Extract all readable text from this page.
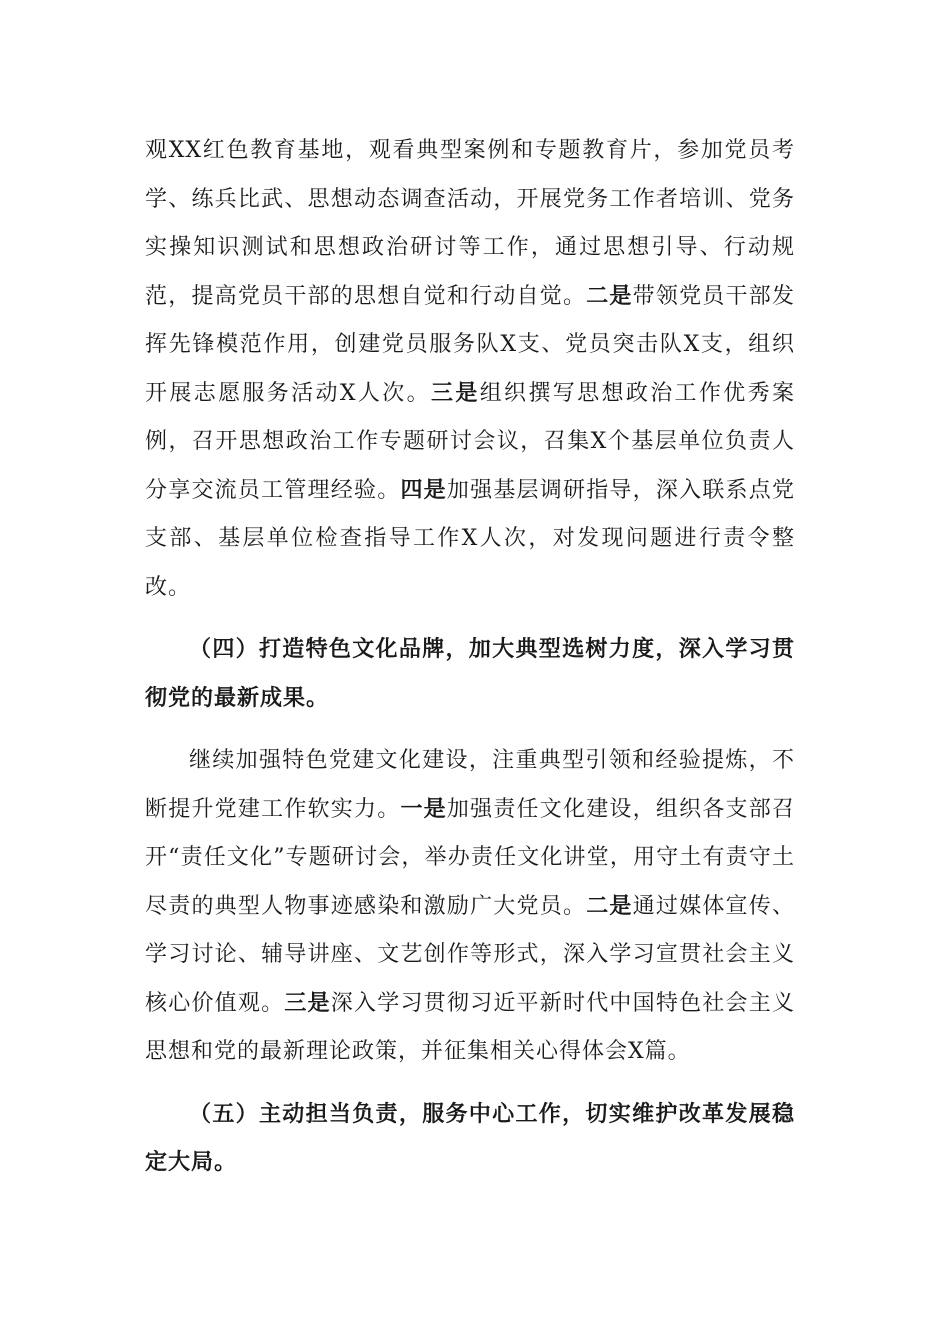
观XX红色教育基地，观看典型案例和专题教育片，参加党员考学、练兵比武、思想动态调查活动，开展党务工作者培训、党务实操知识测试和思想政治研讨等工作，通过思想引导、行动规范，提高党员干部的思想自觉和行动自觉。二是带领党员干部发挥先锋模范作用，创建党员服务队X支、党员突击队X支，组织开展志愿服务活动X人次。三是组织撰写思想政治工作优秀案例，召开思想政治工作专题研讨会议，召集X个基层单位负责人分享交流员工管理经验。四是加强基层调研指导，深入联系点党支部、基层单位检查指导工作X人次，对发现问题进行责令整改。

（四）打造特色文化品牌，加大典型选树力度，深入学习贯彻党的最新成果。

继续加强特色党建文化建设，注重典型引领和经验提炼，不断提升党建工作软实力。一是加强责任文化建设，组织各支部召开“责任文化”专题研讨会，举办责任文化讲堂，用守土有责守土尽责的典型人物事迹感染和激励广大党员。二是通过媒体宣传、学习讨论、辅导讲座、文艺创作等形式，深入学习宣贯社会主义核心价值观。三是深入学习贯彻习近平新时代中国特色社会主义思想和党的最新理论政策，并征集相关心得体会X篇。

（五）主动担当负责，服务中心工作，切实维护改革发展稳定大局。
